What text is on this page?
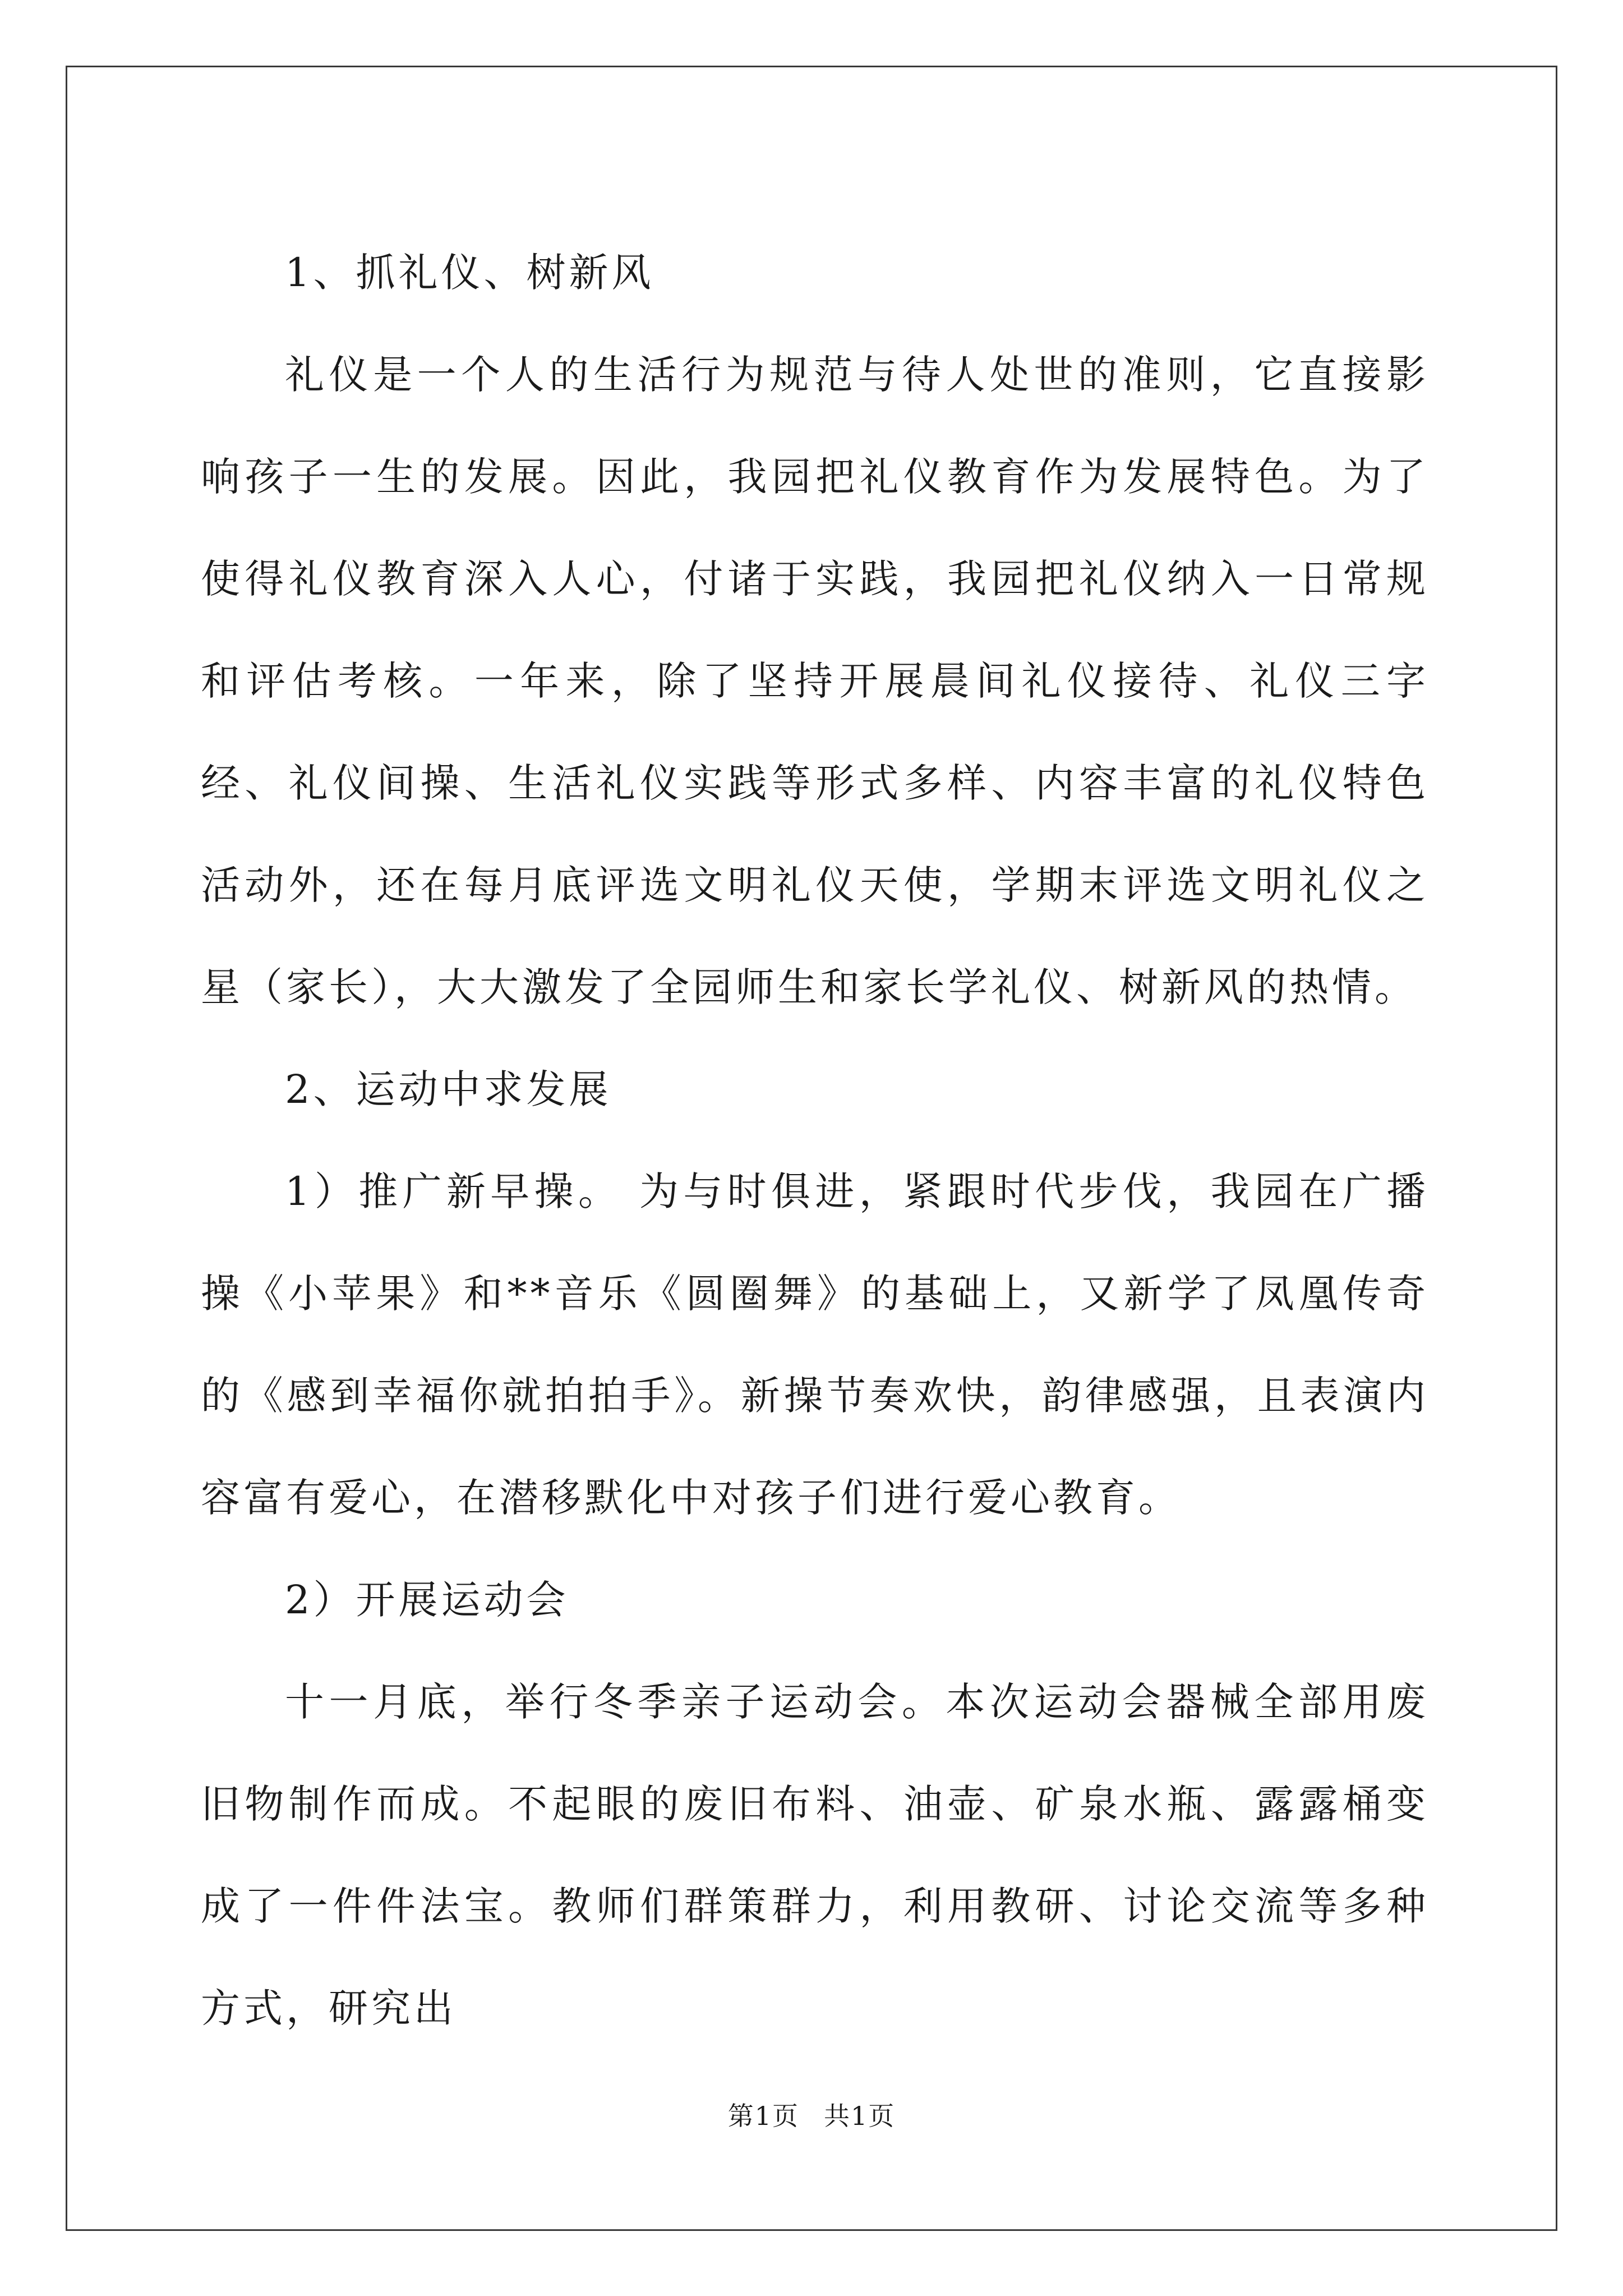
1、抓礼仪、树新风

礼仪是一个人的生活行为规范与待人处世的准则，它直接影响孩子一生的发展。因此，我园把礼仪教育作为发展特色。为了使得礼仪教育深入人心，付诸于实践，我园把礼仪纳入一日常规和评估考核。一年来，除了坚持开展晨间礼仪接待、礼仪三字经、礼仪间操、生活礼仪实践等形式多样、内容丰富的礼仪特色活动外，还在每月底评选文明礼仪天使，学期末评选文明礼仪之星（家长），大大激发了全园师生和家长学礼仪、树新风的热情。

2、运动中求发展

1）推广新早操。 为与时俱进，紧跟时代步伐，我园在广播操《小苹果》和**音乐《圆圈舞》的基础上，又新学了凤凰传奇的《感到幸福你就拍拍手》。新操节奏欢快，韵律感强，且表演内容富有爱心，在潜移默化中对孩子们进行爱心教育。

2）开展运动会

十一月底，举行冬季亲子运动会。本次运动会器械全部用废旧物制作而成。不起眼的废旧布料、油壶、矿泉水瓶、露露桶变成了一件件法宝。教师们群策群力，利用教研、讨论交流等多种方式，研究出

第1页 共1页
